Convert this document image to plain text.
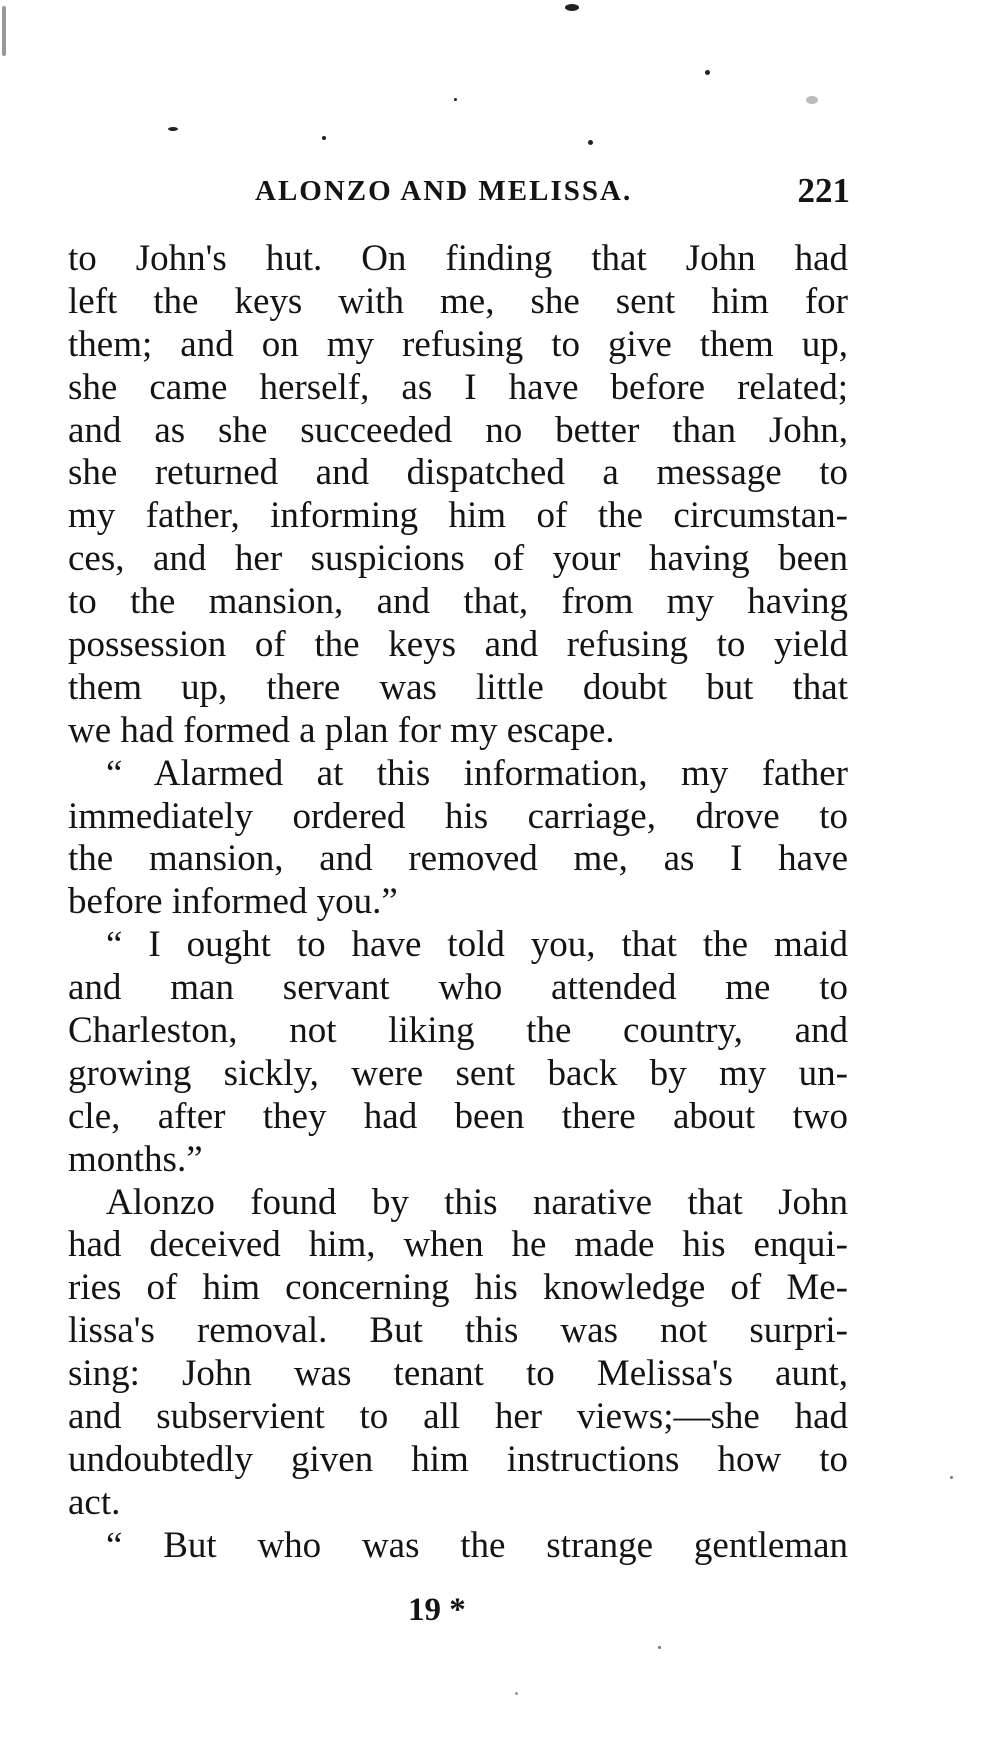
ALONZO AND MELISSA.	221
to John's hut. On finding that John had
left the keys with me, she sent him for
them; and on my refusing to give them up,
she came herself, as I have before related;
and as she succeeded no better than John,
she returned and dispatched a message to
my father, informing him of the circumstan-
ces, and her suspicions of your having been
to the mansion, and that, from my having
possession of the keys and refusing to yield
them up, there was little doubt but that
we had formed a plan for my escape.
“ Alarmed at this information, my father
immediately ordered his carriage, drove to
the mansion, and removed me, as I have
before informed you.”
“ I ought to have told you, that the maid
and man servant who attended me to
Charleston, not liking the country, and
growing sickly, were sent back by my un-
cle, after they had been there about two
months.”
Alonzo found by this narative that John
had deceived him, when he made his enqui-
ries of him concerning his knowledge of Me-
lissa's removal. But this was not surpri-
sing: John was tenant to Melissa's aunt,
and subservient to all her views;—she had
undoubtedly given him instructions how to
act.
“ But who was the strange gentleman
19 *
